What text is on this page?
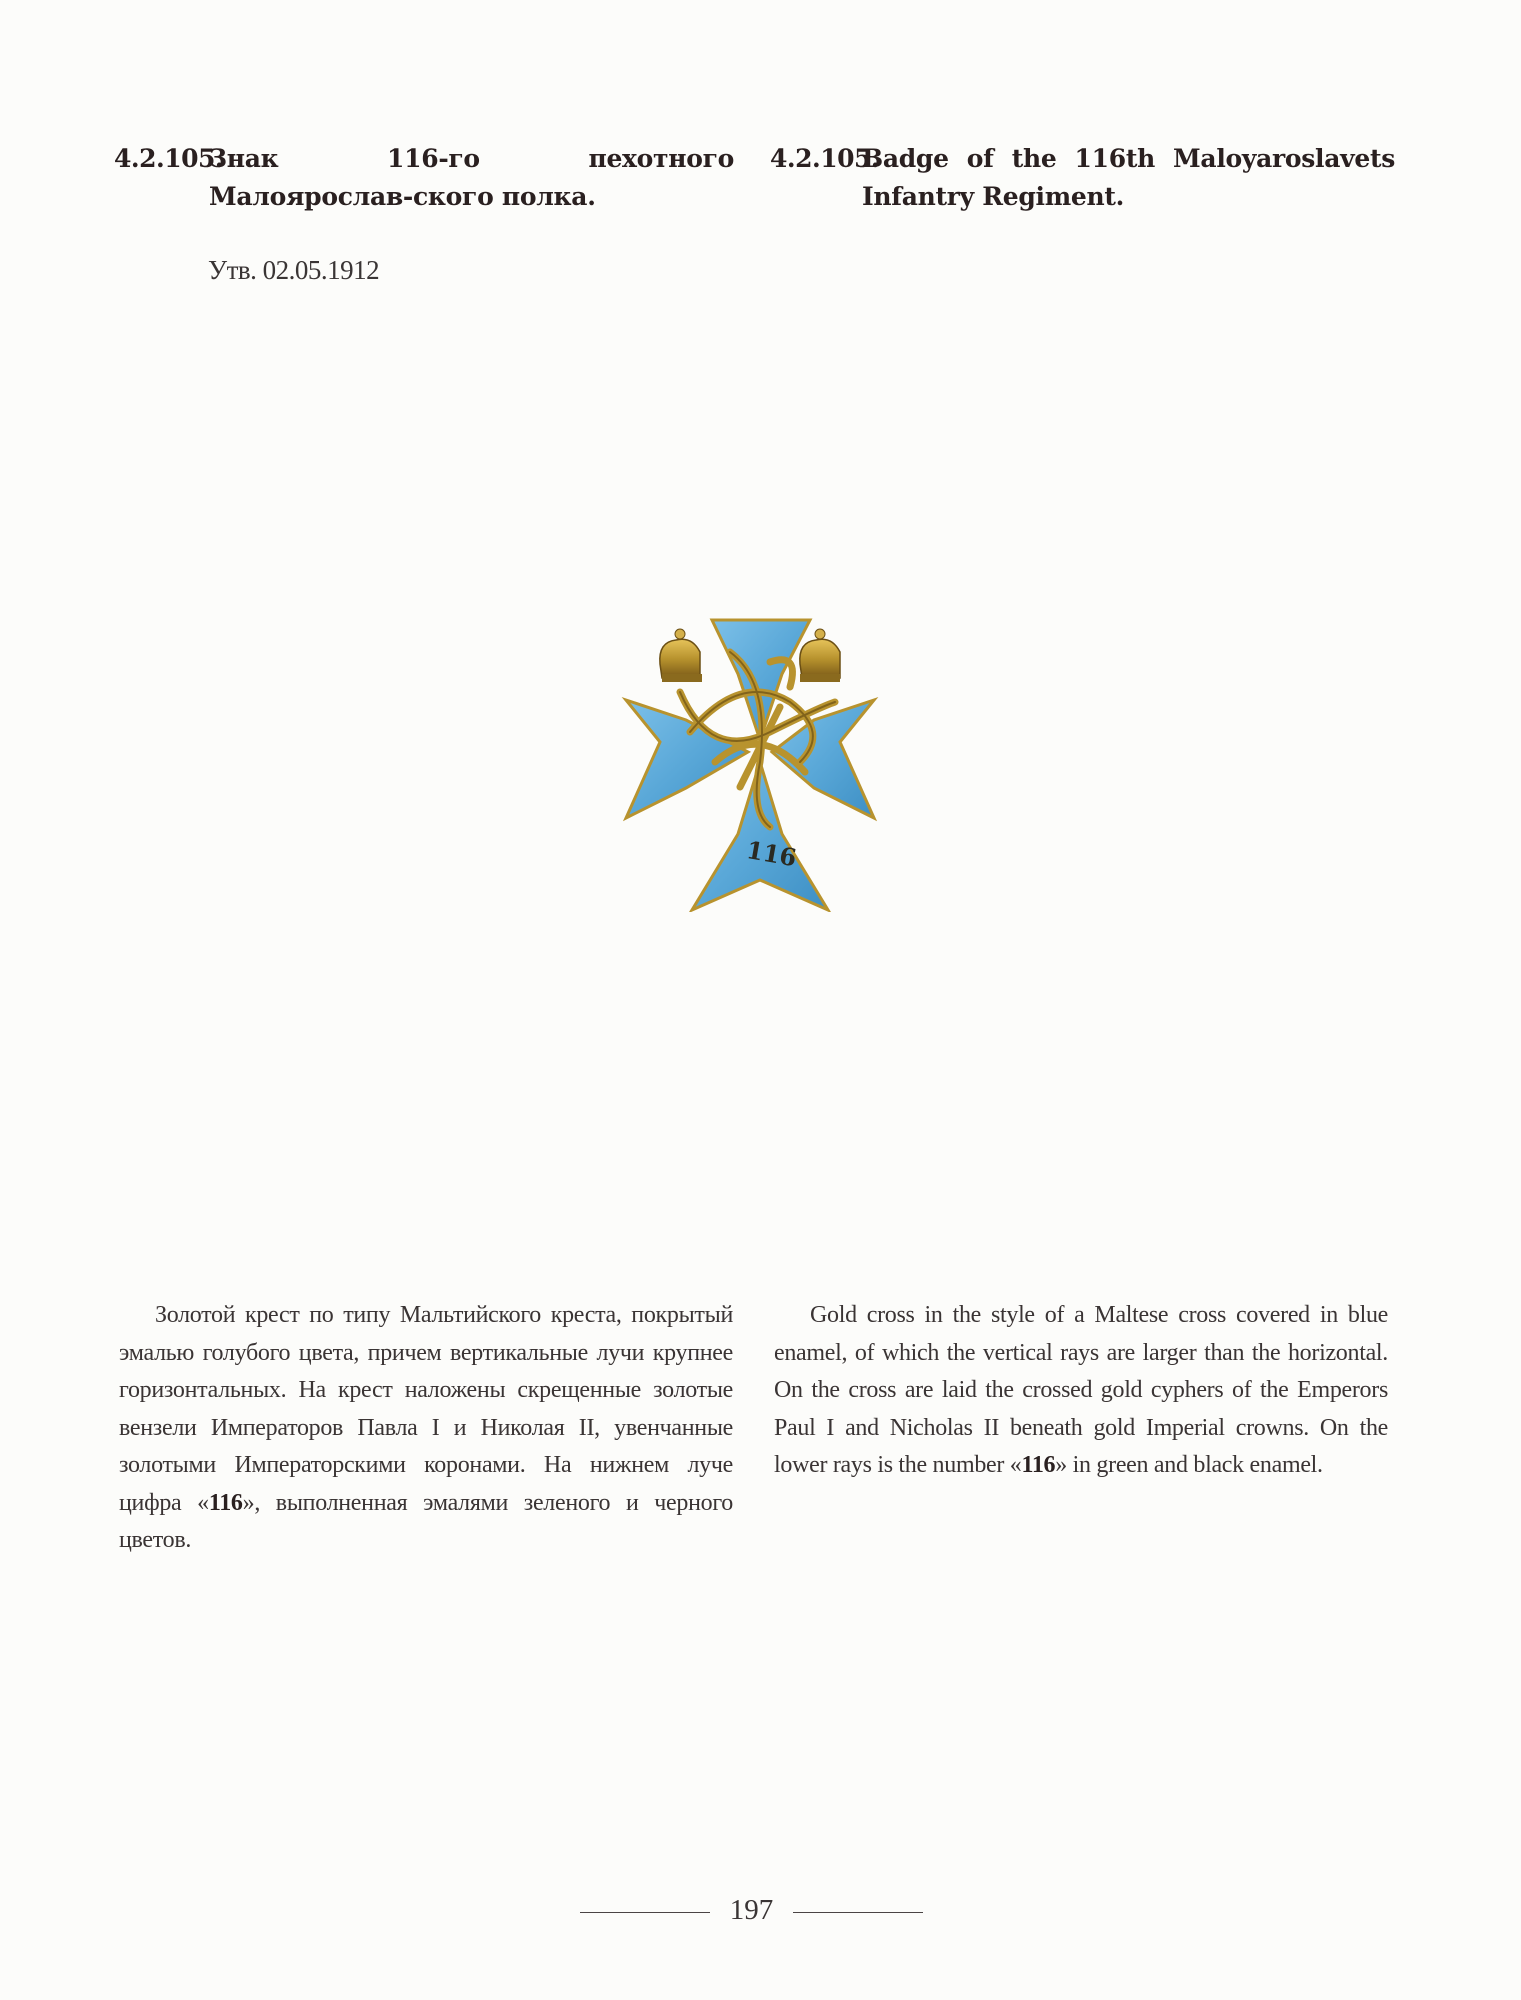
4.2.105.
Знак 116-го пехотного Малоярослав-ского полка.
4.2.105.
Badge of the 116th Maloyaroslavets Infantry Regiment.
Утв. 02.05.1912
116

Золотой крест по типу Мальтийского креста, покрытый эмалью голубого цвета, причем вертикальные лучи крупнее горизонтальных. На крест наложены скрещенные золотые вензели Императоров Павла I и Николая II, увенчанные золотыми Императорскими коронами. На нижнем луче цифра «116», выполненная эмалями зеленого и черного цветов.

Gold cross in the style of a Maltese cross covered in blue enamel, of which the vertical rays are larger than the horizontal. On the cross are laid the crossed gold cyphers of the Emperors Paul I and Nicholas II beneath gold Imperial crowns. On the lower rays is the number «116» in green and black enamel.

197
